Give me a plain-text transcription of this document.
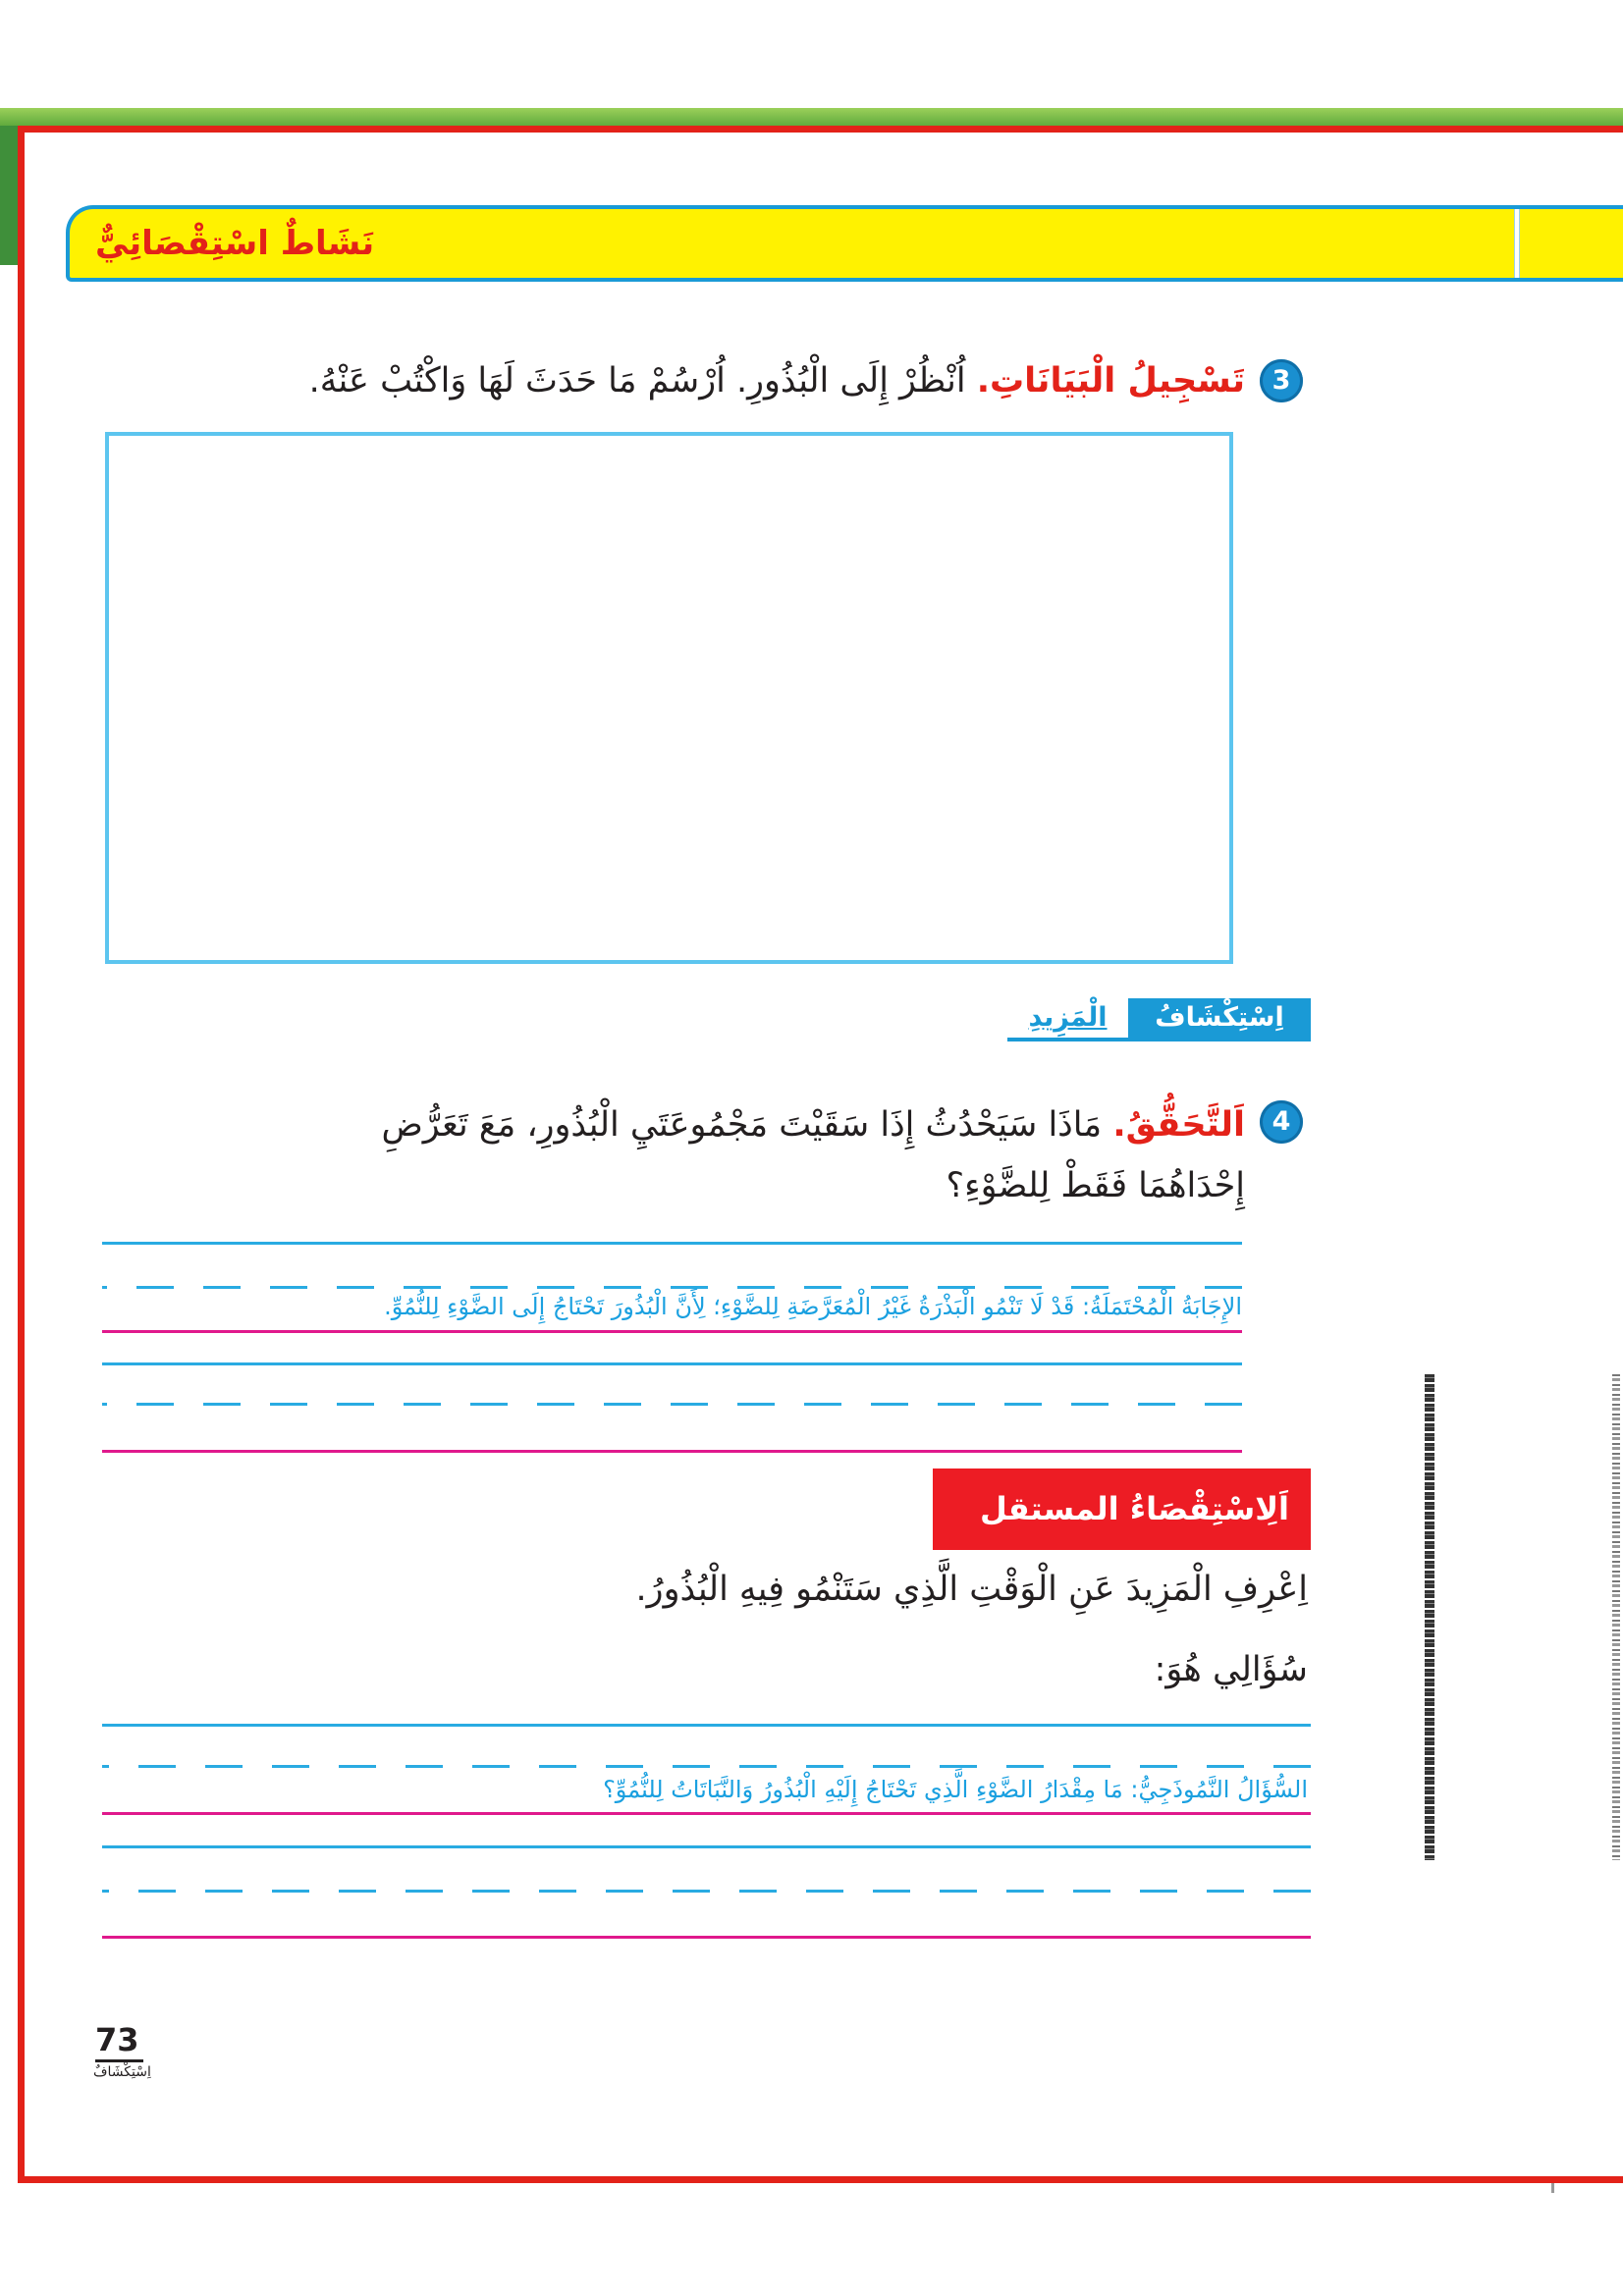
نَشَاطٌ اسْتِقْصَائِيٌّ
3
تَسْجِيلُ الْبَيَانَاتِ. اُنْظُرْ إِلَى الْبُذُورِ. اُرْسُمْ مَا حَدَثَ لَهَا وَاكْتُبْ عَنْهُ.
اِسْتِكْشَافُ
الْمَزِيدِ
4
اَلتَّحَقُّقُ. مَاذَا سَيَحْدُثُ إِذَا سَقَيْتَ مَجْمُوعَتَيِ الْبُذُورِ، مَعَ تَعَرُّضِ
إِحْدَاهُمَا فَقَطْ لِلضَّوْءِ؟
الإِجَابَةُ الْمُحْتَمَلَةُ: قَدْ لَا تَنْمُو الْبَذْرَةُ غَيْرُ الْمُعَرَّضَةِ لِلضَّوْءِ؛ لِأَنَّ الْبُذُورَ تَحْتَاجُ إِلَى الضَّوْءِ لِلنُّمُوِّ.
اَلِاسْتِقْصَاءُ المستقل
اِعْرِفِ الْمَزِيدَ عَنِ الْوَقْتِ الَّذِي سَتَنْمُو فِيهِ الْبُذُورُ.
سُؤَالِي هُوَ:
السُّؤَالُ النَّمُوذَجِيُّ: مَا مِقْدَارُ الضَّوْءِ الَّذِي تَحْتَاجُ إِلَيْهِ الْبُذُورُ وَالنَّبَاتَاتُ لِلنُّمُوِّ؟
73
اِسْتِكْشَافٌ
